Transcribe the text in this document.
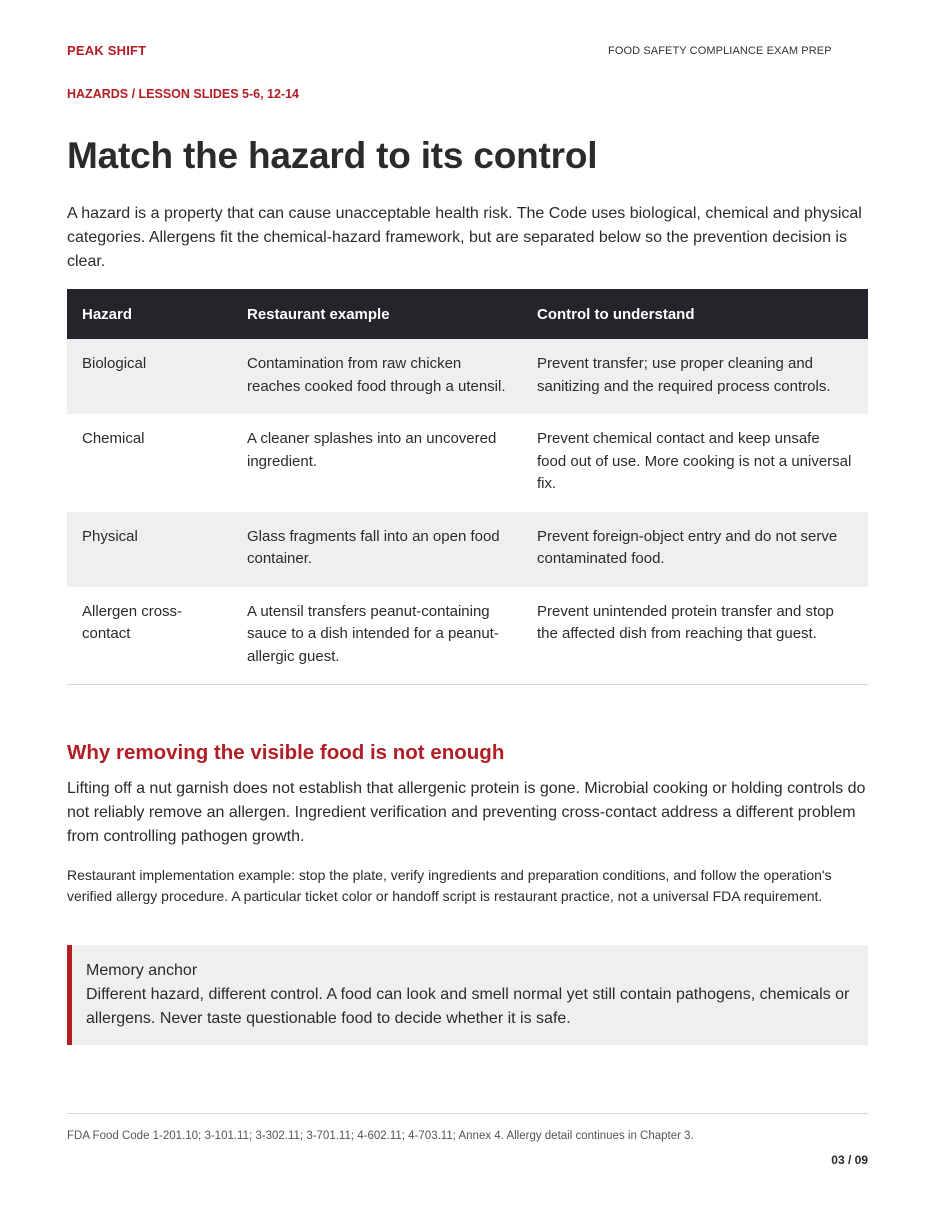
PEAK SHIFT	FOOD SAFETY COMPLIANCE EXAM PREP
HAZARDS / LESSON SLIDES 5-6, 12-14
Match the hazard to its control

A hazard is a property that can cause unacceptable health risk. The Code uses biological, chemical and physical categories. Allergens fit the chemical-hazard framework, but are separated below so the prevention decision is clear.

Hazard	Restaurant example	Control to understand
Biological	Contamination from raw chicken reaches cooked food through a utensil.	Prevent transfer; use proper cleaning and sanitizing and the required process controls.
Chemical	A cleaner splashes into an uncovered ingredient.	Prevent chemical contact and keep unsafe food out of use. More cooking is not a universal fix.
Physical	Glass fragments fall into an open food container.	Prevent foreign-object entry and do not serve contaminated food.
Allergen cross-contact	A utensil transfers peanut-containing sauce to a dish intended for a peanut-allergic guest.	Prevent unintended protein transfer and stop the affected dish from reaching that guest.
Why removing the visible food is not enough

Lifting off a nut garnish does not establish that allergenic protein is gone. Microbial cooking or holding controls do not reliably remove an allergen. Ingredient verification and preventing cross-contact address a different problem from controlling pathogen growth.

Restaurant implementation example: stop the plate, verify ingredients and preparation conditions, and follow the operation's verified allergy procedure. A particular ticket color or handoff script is restaurant practice, not a universal FDA requirement.

Memory anchor
Different hazard, different control. A food can look and smell normal yet still contain pathogens, chemicals or allergens. Never taste questionable food to decide whether it is safe.
FDA Food Code 1-201.10; 3-101.11; 3-302.11; 3-701.11; 4-602.11; 4-703.11; Annex 4. Allergy detail continues in Chapter 3.
03 / 09
